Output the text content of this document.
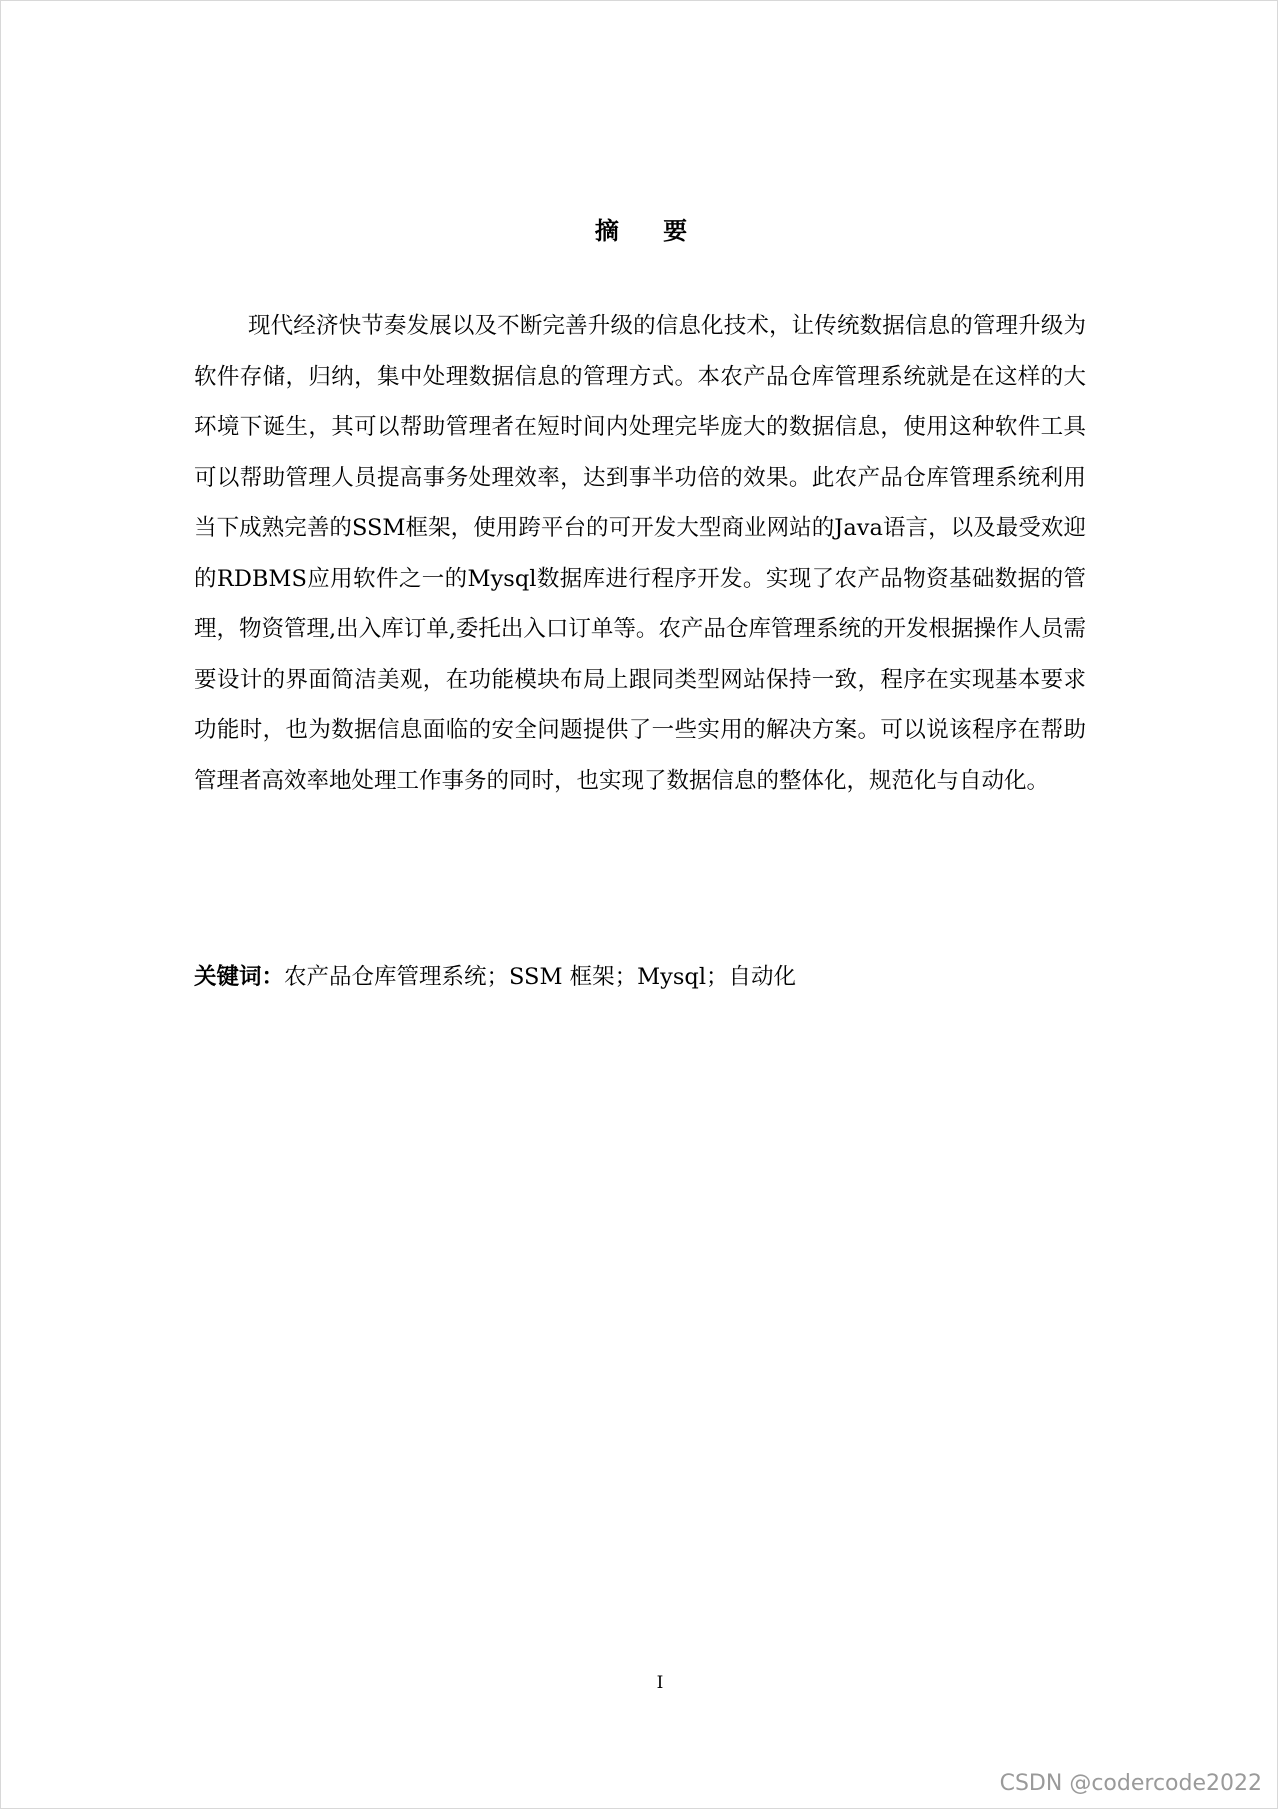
摘 要

现代经济快节奏发展以及不断完善升级的信息化技术，让传统数据信息的管理升级为软件存储，归纳，集中处理数据信息的管理方式。本农产品仓库管理系统就是在这样的大环境下诞生，其可以帮助管理者在短时间内处理完毕庞大的数据信息，使用这种软件工具可以帮助管理人员提高事务处理效率，达到事半功倍的效果。此农产品仓库管理系统利用当下成熟完善的SSM框架，使用跨平台的可开发大型商业网站的Java语言，以及最受欢迎的RDBMS应用软件之一的Mysql数据库进行程序开发。实现了农产品物资基础数据的管理，物资管理,出入库订单,委托出入口订单等。农产品仓库管理系统的开发根据操作人员需要设计的界面简洁美观，在功能模块布局上跟同类型网站保持一致，程序在实现基本要求功能时，也为数据信息面临的安全问题提供了一些实用的解决方案。可以说该程序在帮助管理者高效率地处理工作事务的同时，也实现了数据信息的整体化，规范化与自动化。

关键词：农产品仓库管理系统；SSM 框架；Mysql；自动化

I
CSDN @codercode2022
